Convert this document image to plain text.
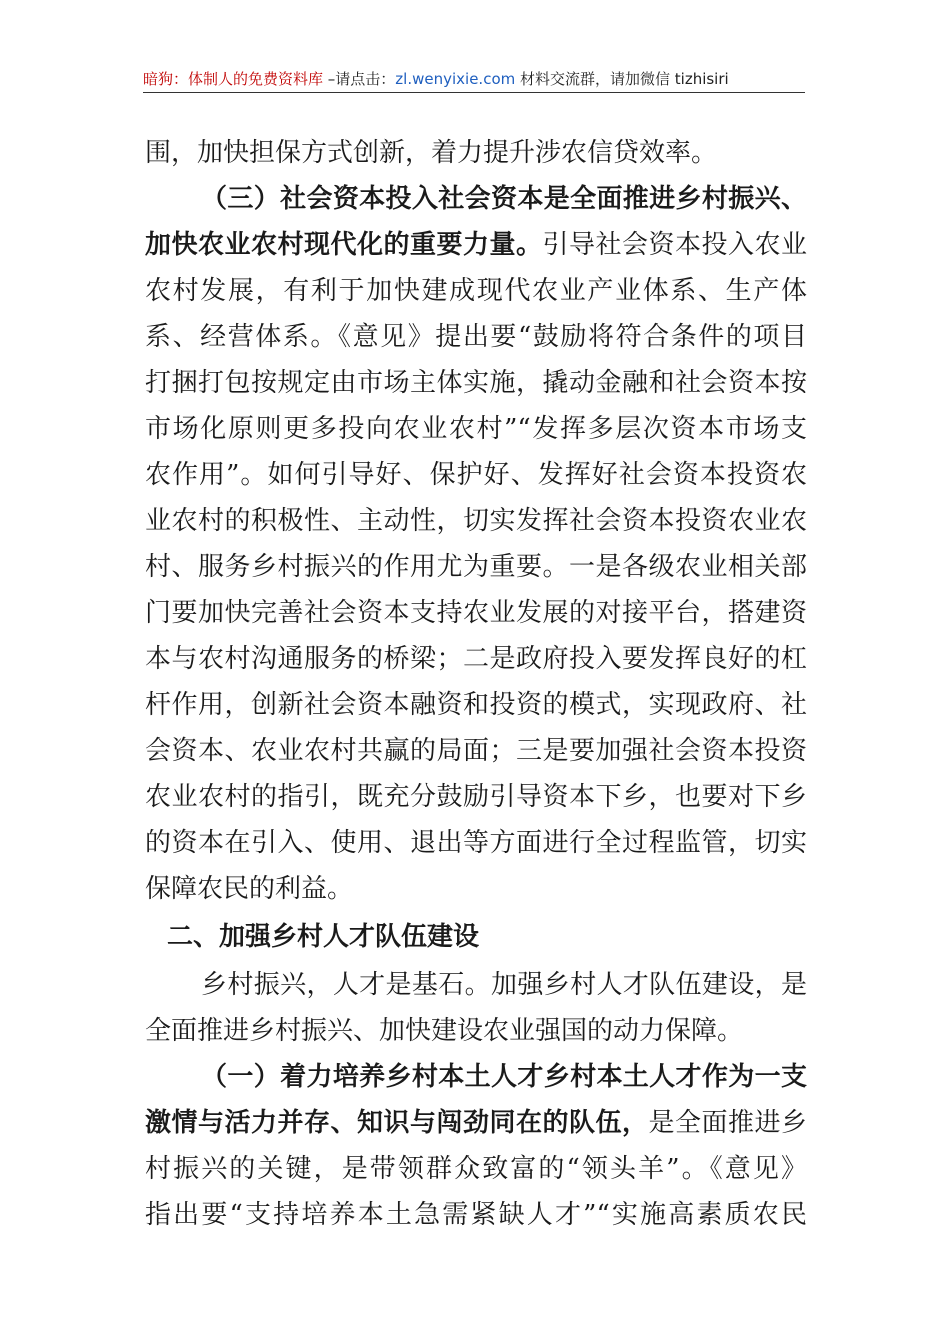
暗狗：体制人的免费资料库 –请点击：zl.wenyixie.com 材料交流群，请加微信 tizhisiri
围，加快担保方式创新，着力提升涉农信贷效率。
（三）社会资本投入社会资本是全面推进乡村振兴、
加快农业农村现代化的重要力量。引导社会资本投入农业
农村发展，有利于加快建成现代农业产业体系、生产体
系、经营体系。《意见》提出要“鼓励将符合条件的项目
打捆打包按规定由市场主体实施，撬动金融和社会资本按
市场化原则更多投向农业农村”“发挥多层次资本市场支
农作用”。如何引导好、保护好、发挥好社会资本投资农
业农村的积极性、主动性，切实发挥社会资本投资农业农
村、服务乡村振兴的作用尤为重要。一是各级农业相关部
门要加快完善社会资本支持农业发展的对接平台，搭建资
本与农村沟通服务的桥梁；二是政府投入要发挥良好的杠
杆作用，创新社会资本融资和投资的模式，实现政府、社
会资本、农业农村共赢的局面；三是要加强社会资本投资
农业农村的指引，既充分鼓励引导资本下乡，也要对下乡
的资本在引入、使用、退出等方面进行全过程监管，切实
保障农民的利益。
二、加强乡村人才队伍建设
乡村振兴，人才是基石。加强乡村人才队伍建设，是
全面推进乡村振兴、加快建设农业强国的动力保障。
（一）着力培养乡村本土人才乡村本土人才作为一支
激情与活力并存、知识与闯劲同在的队伍，是全面推进乡
村振兴的关键，是带领群众致富的“领头羊”。《意见》
指出要“支持培养本土急需紧缺人才”“实施高素质农民
